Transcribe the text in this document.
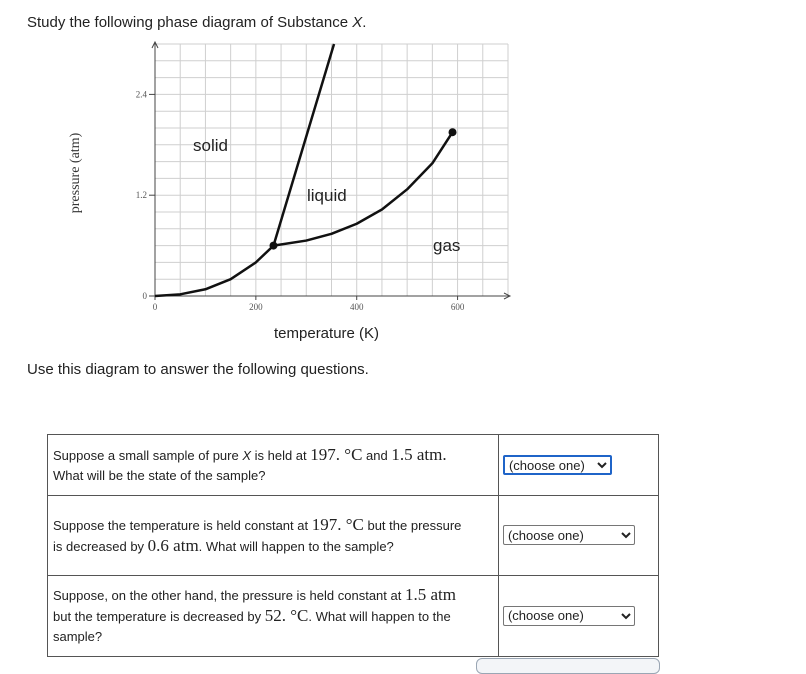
Study the following phase diagram of Substance X.
2.4
1.2
0
0	200	400	600
solid
liquid
gas
pressure (atm)
temperature (K)
Use this diagram to answer the following questions.
Suppose a small sample of pure X is held at 197. °C and 1.5 atm.
What will be the state of the sample?	
(choose one)
Suppose the temperature is held constant at 197. °C but the pressure
is decreased by 0.6 atm. What will happen to the sample?	
(choose one)
Suppose, on the other hand, the pressure is held constant at 1.5 atm
but the temperature is decreased by 52. °C. What will happen to the
sample?	
(choose one)
